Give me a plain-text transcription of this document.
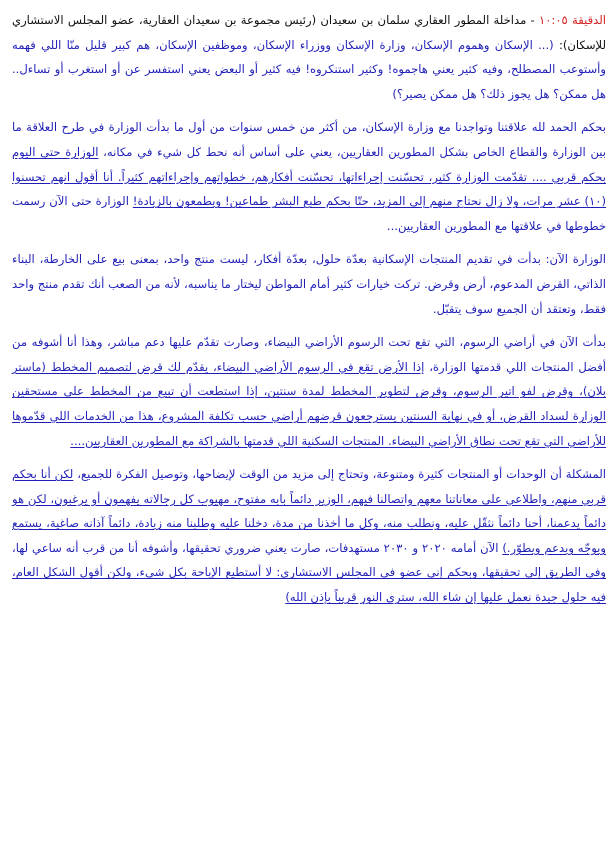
الدقيقة ١٠:٠٥ - مداخلة المطور العقاري سلمان بن سعيدان (رئيس مجموعة بن سعيدان العقارية، عضو المجلس الاستشاري للإسكان): (... الإسكان وهموم الإسكان، وزارة الإسكان ووزراء الإسكان، وموظفين الإسكان، هم كبير قليل منّا اللي فهمه وأستوعب المصطلح، وفيه كثير يعني هاجموه! وكثير استنكروه! فيه كثير أو البعض يعني استفسر عن أو استغرب أو تساءل.. هل ممكن؟ هل يجوز ذلك؟ هل ممكن يصير؟)

بحكم الحمد لله علاقتنا وتواجدنا مع وزارة الإسكان، من أكثر من خمس سنوات من أول ما بدأت الوزارة في طرح العلاقة ما بين الوزارة والقطاع الخاص بشكل المطورين العقاريين، يعني على أساس أنه نحط كل شيء في مكانه، الوزارة حتى اليوم بحكم قربي .... تقدّمت الوزارة كثير، تحسّنت إجراءاتها، تحسّنت أفكارهم، خطواتهم وإجراءاتهم كثيراً. أنا أقول انهم تحسنوا (١٠) عشر مرات، ولا زال نحتاج منهم إلى المزيد، حتّا بحكم طبع البشر طماعين! ويطمعون بالزيادة! الوزارة حتى الآن رسمت خطوطها في علاقتها مع المطورين العقاريين...

الوزارة الآن: بدأت في تقديم المنتجات الإسكانية بعدّة حلول، بعدّة أفكار، ليست منتج واحد، بمعنى بيع على الخارطة، البناء الذاتي، القرض المدعوم، أرض وقرض. تركت خيارات كثير أمام المواطن ليختار ما يناسبه، لأنه من الصعب أنك تقدم منتج واحد فقط، وتعتقد أن الجميع سوف يتقبّل.

بدأت الآن في أراضي الرسوم، التي تقع تحت الرسوم الأراضي البيضاء، وصارت تقدّم عليها دعم مباشر، وهذا أنا أشوفه من أفضل المنتجات اللي قدمتها الوزارة، إذا الأرض تقع في الرسوم الأراضي البيضاء، يقدّم لك قرض لتصميم المخطط (ماستر بلان)، وقرض لفو اتير الرسوم، وقرض لتطوير المخطط لمدة سنتين، إذا استطعت أن تبيع من المخطط على مستحقين الوزارة لسداد القرض، أو في نهاية السنتين يسترجعون قرضهم أراضي حسب تكلفة المشروع، هذا من الخدمات اللي قدّموها للأراضي التي تقع تحت نطاق الأراضي البيضاء. المنتجات السكنية اللي قدمتها بالشراكة مع المطورين العقاريين....

المشكلة أن الوحدات أو المنتجات كثيرة ومتنوعة، وتحتاج إلى مزيد من الوقت لإيضاحها، وتوصيل الفكرة للجميع، لكن أنا بحكم قربي منهم، واطلاعي على معاناتنا معهم واتصالنا فيهم، الوزير دائماً بابه مفتوح، مهيوب كل رجالاته يفهمون أو يرغبون، لكن هو دائماً يدعمنا، أحنا دائماً نثقّل عليه، ونطلب منه، وكل ما أخذنا من مدة، دخلنا عليه وطلبنا منه زيادة، دائماً آذانه صاغية، يستمع ويوجّه ويدعم ويطوّر.) الآن أمامه ٢٠٢٠ و ٢٠٣٠ مستهدفات، صارت يعني ضروري تحقيقها، وأشوفه أنا من قرب أنه ساعي لها، وفي الطريق إلى تحقيقها، وبحكم إني عضو في المجلس الاستشاري: لا أستطيع الإباحة بكل شيء، ولكن أقول الشكل العام، فيه حلول جيدة نعمل عليها إن شاء الله، سترى النور قريباً بإذن الله)
